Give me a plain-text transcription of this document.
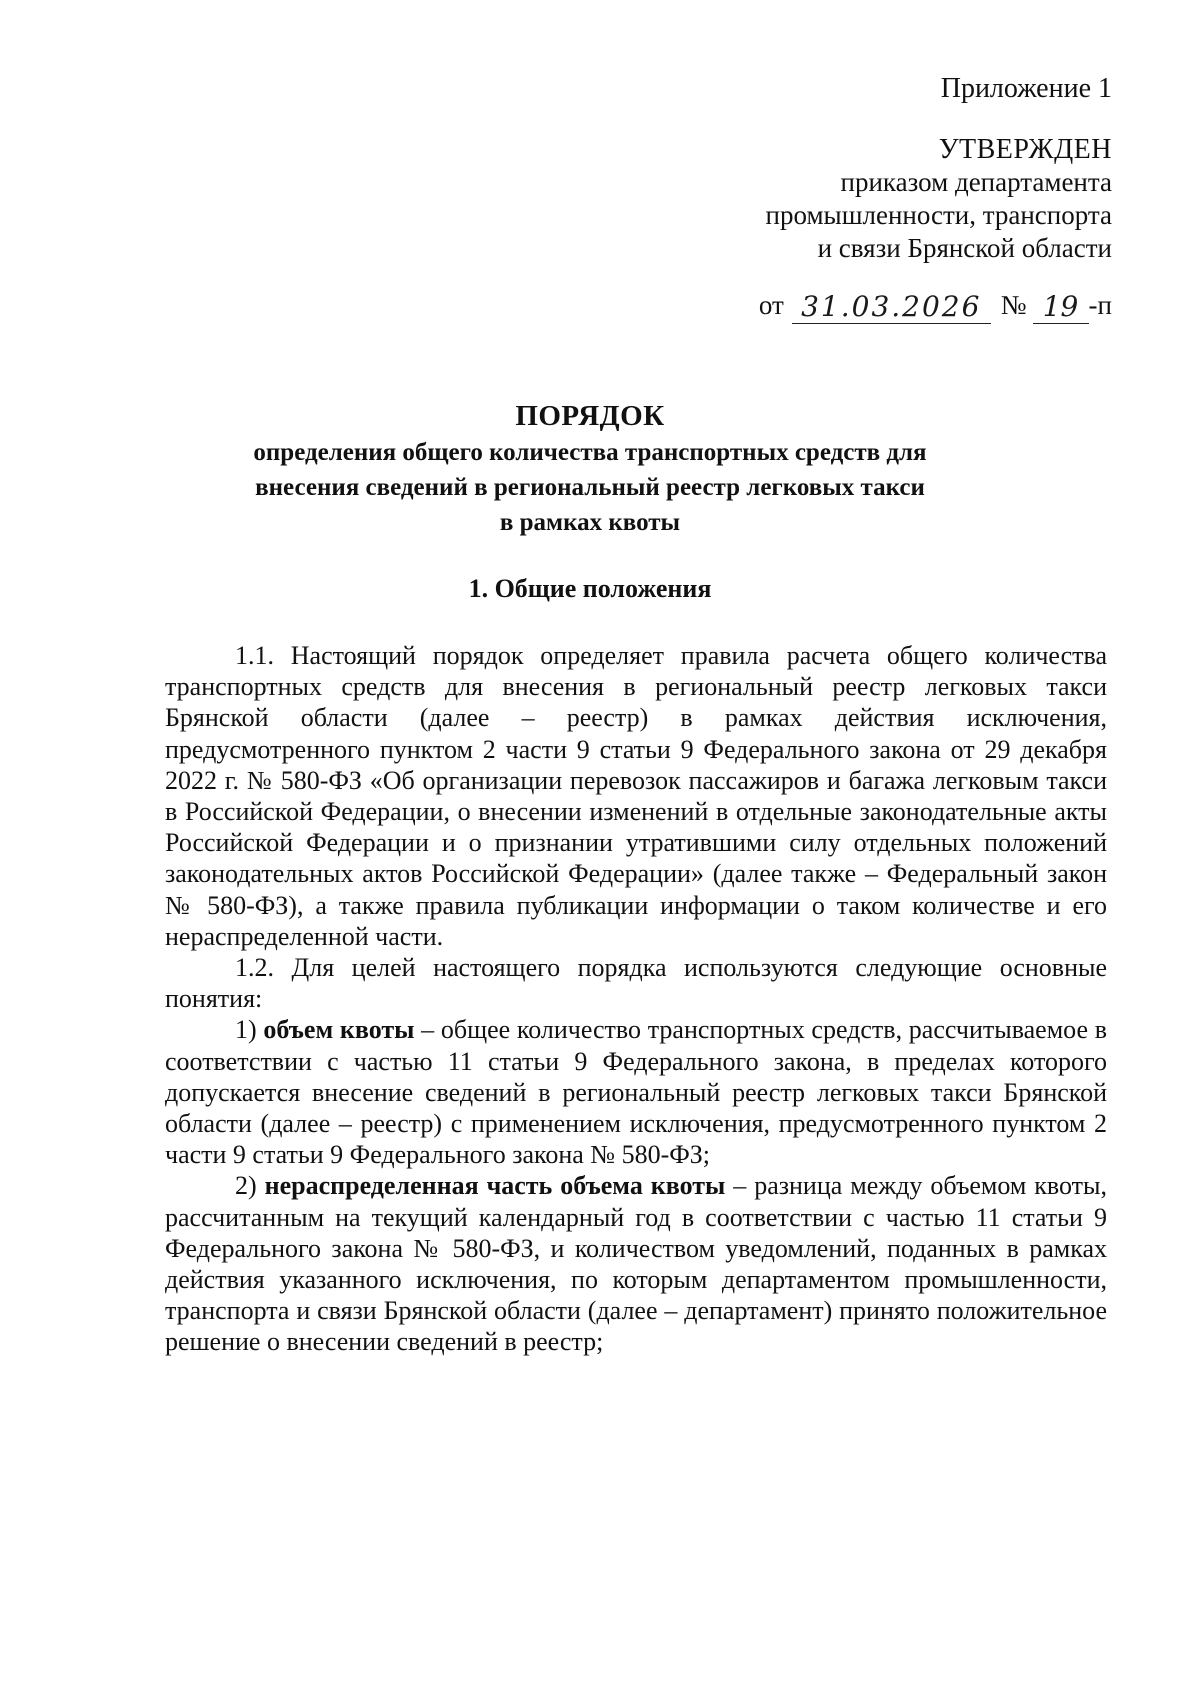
Приложение 1
УТВЕРЖДЕН
приказом департамента
промышленности, транспорта
и связи Брянской области
от 31.03.2026 № 19 -п
ПОРЯДОК
определения общего количества транспортных средств для
внесения сведений в региональный реестр легковых такси
в рамках квоты
1. Общие положения

1.1. Настоящий порядок определяет правила расчета общего количества транспортных средств для внесения в региональный реестр легковых такси Брянской области (далее – реестр) в рамках действия исключения, предусмотренного пунктом 2 части 9 статьи 9 Федерального закона от 29 декабря 2022 г. № 580-ФЗ «Об организации перевозок пассажиров и багажа легковым такси в Российской Федерации, о внесении изменений в отдельные законодательные акты Российской Федерации и о признании утратившими силу отдельных положений законодательных актов Российской Федерации» (далее также – Федеральный закон № 580-ФЗ), а также правила публикации информации о таком количестве и его нераспределенной части.

1.2. Для целей настоящего порядка используются следующие основные понятия:

1) объем квоты – общее количество транспортных средств, рассчитываемое в соответствии с частью 11 статьи 9 Федерального закона, в пределах которого допускается внесение сведений в региональный реестр легковых такси Брянской области (далее – реестр) с применением исключения, предусмотренного пунктом 2 части 9 статьи 9 Федерального закона № 580-ФЗ;

2) нераспределенная часть объема квоты – разница между объемом квоты, рассчитанным на текущий календарный год в соответствии с частью 11 статьи 9 Федерального закона № 580-ФЗ, и количеством уведомлений, поданных в рамках действия указанного исключения, по которым департаментом промышленности, транспорта и связи Брянской области (далее – департамент) принято положительное решение о внесении сведений в реестр;
